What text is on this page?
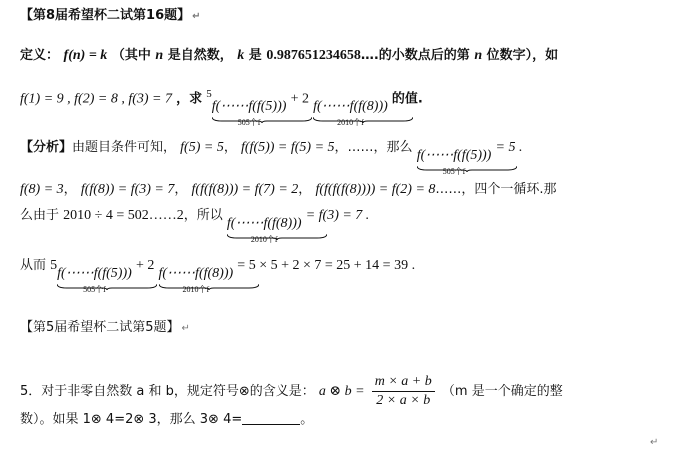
【第8届希望杯二试第16题】 ↵
定义： f(n) = k （其中 n 是自然数， k 是 0.987651234658….的小数点后的第 n 位数字），如
f(1) = 9 , f(2) = 8 , f(3) = 7 ，求 $^5$f(⋯⋯f(f(5)))
505个f
+ 2 f(⋯⋯f(f(8)))
2010个f
的值.
【分析】由题目条件可知， f(5) = 5， f(f(5)) = f(5) = 5，……，那么 f(⋯⋯f(f(5)))
505个f
= 5 .
f(8) = 3， f(f(8)) = f(3) = 7， f(f(f(8))) = f(7) = 2， f(f(f(f(8)))) = f(2) = 8……，四个一循环.那
么由于 2010 ÷ 4 = 502……2，所以 f(⋯⋯f(f(8)))
2010个f
= f(3) = 7 .
从而 5f(⋯⋯f(f(5)))
505个f
+ 2 f(⋯⋯f(f(8)))
2010个f
= 5 × 5 + 2 × 7 = 25 + 14 = 39 .
【第5届希望杯二试第5题】 ↵
5．对于非零自然数 a 和 b，规定符号⊗的含义是： a ⊗ $b = \frac{m \times a + b}{2 \times a \times b} (m$ 是一个确定的整
数）。如果 1⊗ 4=2⊗ 3，那么 3⊗ 4=	。
↵
